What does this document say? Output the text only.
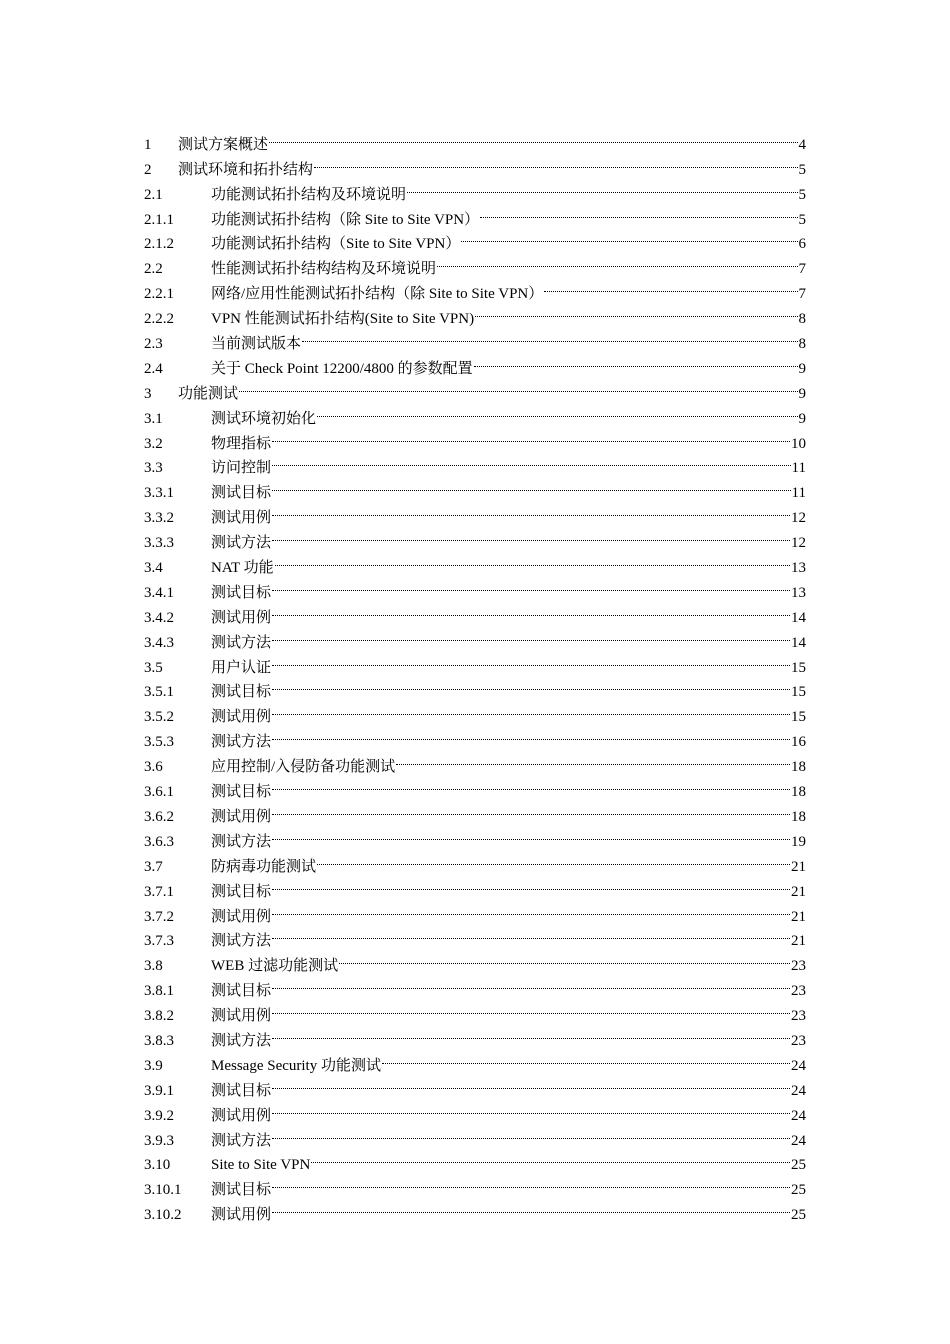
1	测试方案概述	4
2	测试环境和拓扑结构	5
2.1	功能测试拓扑结构及环境说明	5
2.1.1	功能测试拓扑结构（除 Site to Site VPN）	5
2.1.2	功能测试拓扑结构（Site to Site VPN）	6
2.2	性能测试拓扑结构结构及环境说明	7
2.2.1	网络/应用性能测试拓扑结构（除 Site to Site VPN）	7
2.2.2	VPN 性能测试拓扑结构(Site to Site VPN)	8
2.3	当前测试版本	8
2.4	关于 Check Point 12200/4800 的参数配置	9
3	功能测试	9
3.1	测试环境初始化	9
3.2	物理指标	10
3.3	访问控制	11
3.3.1	测试目标	11
3.3.2	测试用例	12
3.3.3	测试方法	12
3.4	NAT 功能	13
3.4.1	测试目标	13
3.4.2	测试用例	14
3.4.3	测试方法	14
3.5	用户认证	15
3.5.1	测试目标	15
3.5.2	测试用例	15
3.5.3	测试方法	16
3.6	应用控制/入侵防备功能测试	18
3.6.1	测试目标	18
3.6.2	测试用例	18
3.6.3	测试方法	19
3.7	防病毒功能测试	21
3.7.1	测试目标	21
3.7.2	测试用例	21
3.7.3	测试方法	21
3.8	WEB 过滤功能测试	23
3.8.1	测试目标	23
3.8.2	测试用例	23
3.8.3	测试方法	23
3.9	Message Security 功能测试	24
3.9.1	测试目标	24
3.9.2	测试用例	24
3.9.3	测试方法	24
3.10	Site to Site VPN	25
3.10.1	测试目标	25
3.10.2	测试用例	25
